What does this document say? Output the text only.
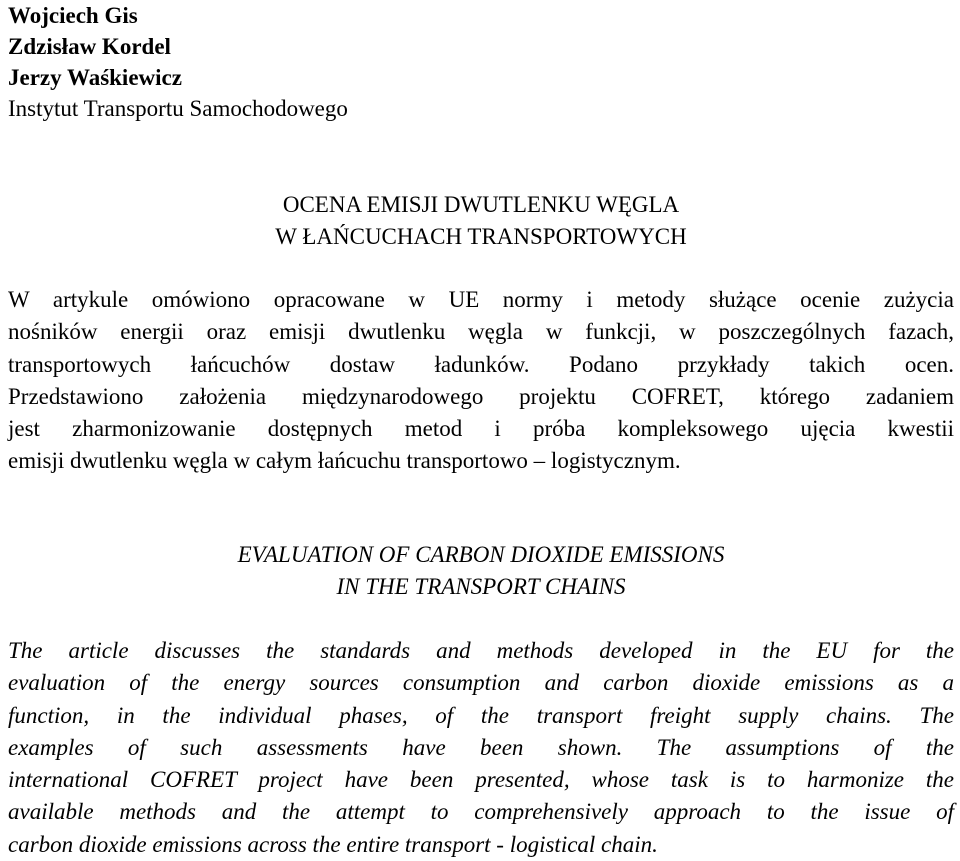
Wojciech Gis
Zdzisław Kordel
Jerzy Waśkiewicz
Instytut Transportu Samochodowego
OCENA EMISJI DWUTLENKU WĘGLA
W ŁAŃCUCHACH TRANSPORTOWYCH
W artykule omówiono opracowane w UE normy i metody służące ocenie zużycia
nośników energii oraz emisji dwutlenku węgla w funkcji, w poszczególnych fazach,
transportowych łańcuchów dostaw ładunków. Podano przykłady takich ocen.
Przedstawiono założenia międzynarodowego projektu COFRET, którego zadaniem
jest zharmonizowanie dostępnych metod i próba kompleksowego ujęcia kwestii
emisji dwutlenku węgla w całym łańcuchu transportowo – logistycznym.
EVALUATION OF CARBON DIOXIDE EMISSIONS
IN THE TRANSPORT CHAINS
The article discusses the standards and methods developed in the EU for the
evaluation of the energy sources consumption and carbon dioxide emissions as a
function, in the individual phases, of the transport freight supply chains. The
examples of such assessments have been shown. The assumptions of the
international COFRET project have been presented, whose task is to harmonize the
available methods and the attempt to comprehensively approach to the issue of
carbon dioxide emissions across the entire transport - logistical chain.
